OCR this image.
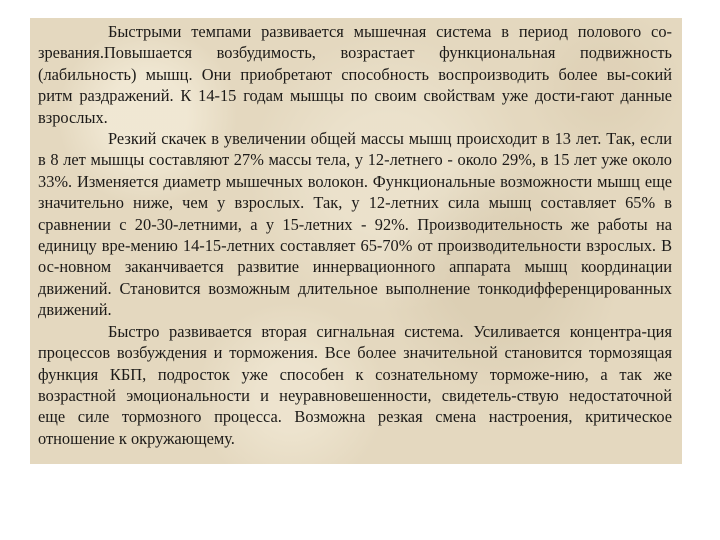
Быстрыми темпами развивается мышечная система в период полового со-зревания.Повышается возбудимость, возрастает функциональная подвижность (лабильность) мышц. Они приобретают способность воспроизводить более вы-сокий ритм раздражений. К 14-15 годам мышцы по своим свойствам уже дости-гают данные взрослых.

Резкий скачек в увеличении общей массы мышц происходит в 13 лет. Так, если в 8 лет мышцы составляют 27% массы тела, у 12-летнего - около 29%, в 15 лет уже около 33%. Изменяется диаметр мышечных волокон. Функциональные возможности мышц еще значительно ниже, чем у взрослых. Так, у 12-летних сила мышц составляет 65% в сравнении с 20-30-летними, а у 15-летних - 92%. Производительность же работы на единицу вре-мению 14-15-летних составляет 65-70% от производительности взрослых. В ос-новном заканчивается развитие иннервационного аппарата мышц координации движений. Становится возможным длительное выполнение тонкодифференцированных движений.

Быстро развивается вторая сигнальная система. Усиливается концентра-ция процессов возбуждения и торможения. Все более значительной становится тормозящая функция КБП, подросток уже способен к сознательному торможе-нию, а так же возрастной эмоциональности и неуравновешенности, свидетель-ствую недостаточной еще силе тормозного процесса. Возможна резкая смена настроения, критическое отношение к окружающему.
